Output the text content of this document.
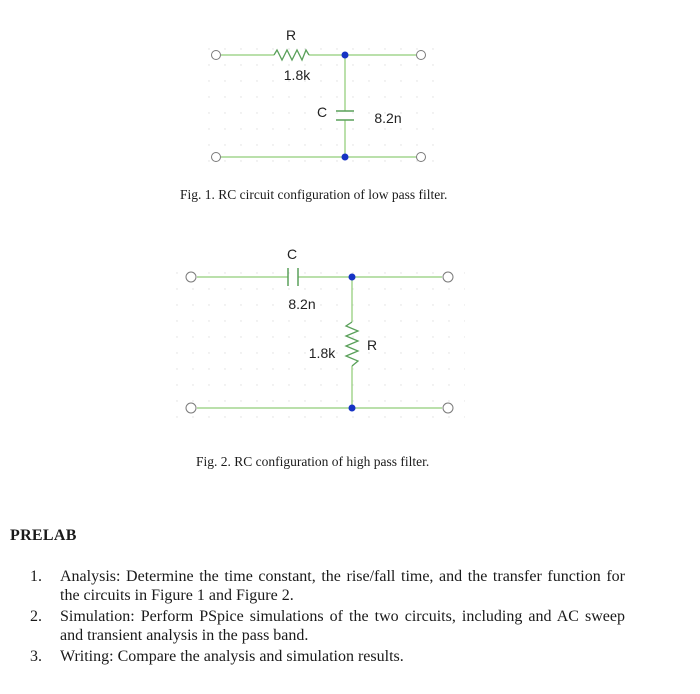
R
1.8k
C	8.2n
C
8.2n
R
1.8k
Fig. 1. RC circuit configuration of low pass filter.
Fig. 2. RC configuration of high pass filter.
PRELAB
1.	Analysis: Determine the time constant, the rise/fall time, and the transfer function for the circuits in Figure 1 and Figure 2.
2.	Simulation: Perform PSpice simulations of the two circuits, including and AC sweep and transient analysis in the pass band.
3.	Writing: Compare the analysis and simulation results.
